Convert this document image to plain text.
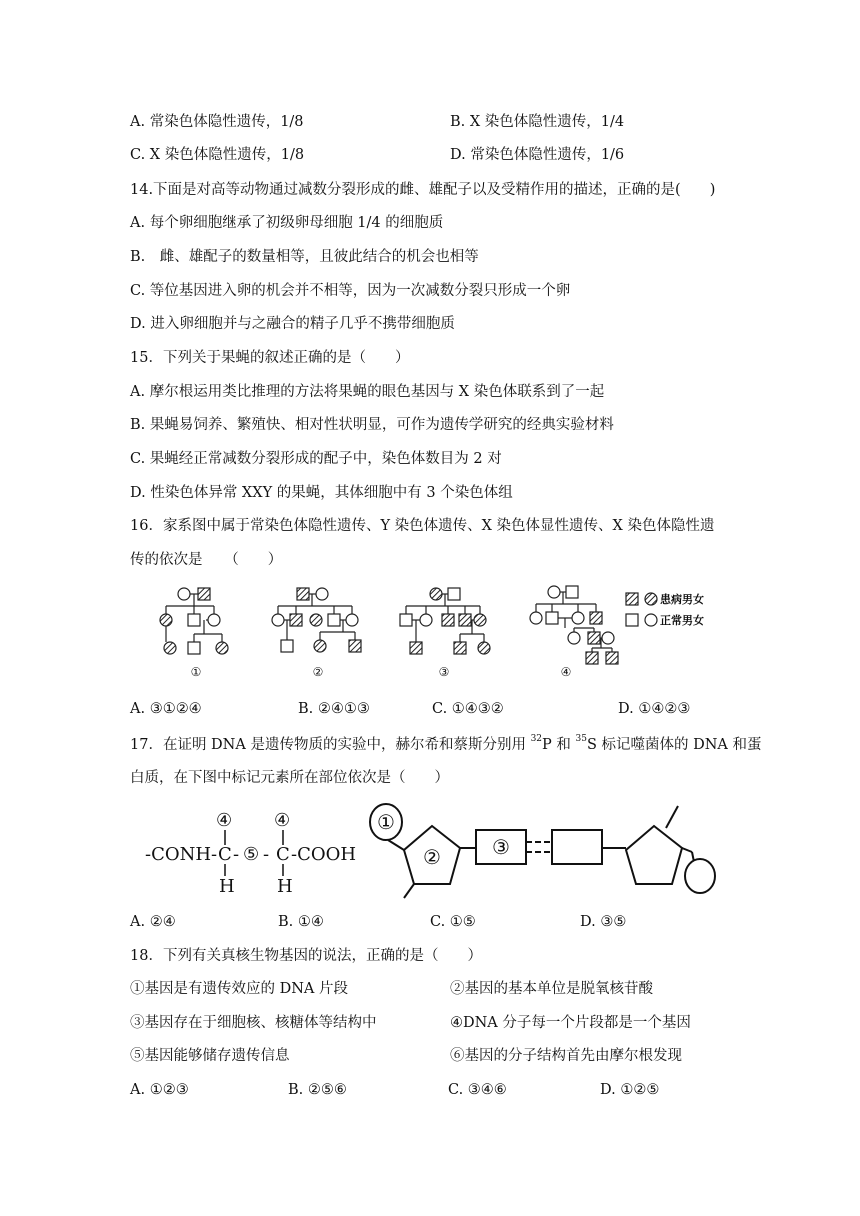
A. 常染色体隐性遗传，1/8	B. X 染色体隐性遗传，1/4
C. X 染色体隐性遗传，1/8	D. 常染色体隐性遗传，1/6
14.下面是对高等动物通过减数分裂形成的雌、雄配子以及受精作用的描述，正确的是(　　)
A. 每个卵细胞继承了初级卵母细胞 1/4 的细胞质
B.　雌、雄配子的数量相等，且彼此结合的机会也相等
C. 等位基因进入卵的机会并不相等，因为一次减数分裂只形成一个卵
D. 进入卵细胞并与之融合的精子几乎不携带细胞质
15．下列关于果蝇的叙述正确的是（　　）
A. 摩尔根运用类比推理的方法将果蝇的眼色基因与 X 染色体联系到了一起
B. 果蝇易饲养、繁殖快、相对性状明显，可作为遗传学研究的经典实验材料
C. 果蝇经正常减数分裂形成的配子中，染色体数目为 2 对
D. 性染色体异常 XXY 的果蝇，其体细胞中有 3 个染色体组
16．家系图中属于常染色体隐性遗传、Y 染色体遗传、X 染色体显性遗传、X 染色体隐性遗
传的依次是　　（　　）
患病男女
正常男女
①	②	③	④
A. ③①②④	B. ②④①③	C. ①④③②	D. ①④②③
17．在证明 DNA 是遗传物质的实验中，赫尔希和蔡斯分别用 $^{32}$P 和 $^{35}$S 标记噬菌体的 DNA 和蛋
白质，在下图中标记元素所在部位依次是（　　）
-CONH- C - ⑤ - C -COOH
④ ④
H H
①
②	③
A. ②④	B. ①④	C. ①⑤	D. ③⑤
18．下列有关真核生物基因的说法，正确的是（　　）
①基因是有遗传效应的 DNA 片段	②基因的基本单位是脱氧核苷酸
③基因存在于细胞核、核糖体等结构中	④DNA 分子每一个片段都是一个基因
⑤基因能够储存遗传信息	⑥基因的分子结构首先由摩尔根发现
A. ①②③	B. ②⑤⑥	C. ③④⑥	D. ①②⑤
